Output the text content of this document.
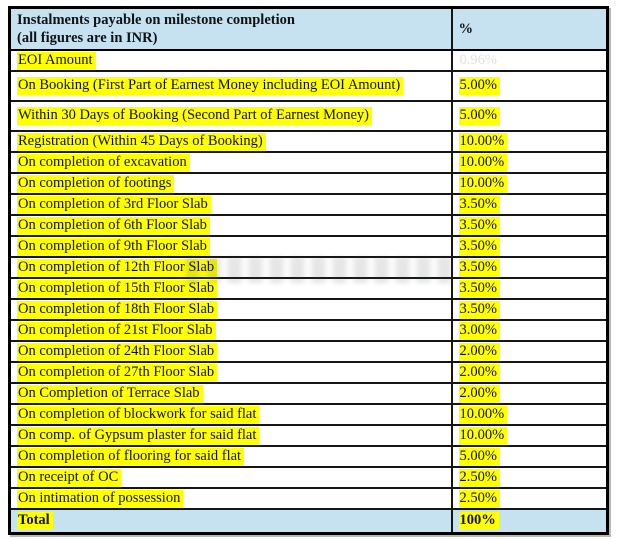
Instalments payable on milestone completion
(all figures are in INR)	%
EOI Amount	0.96%
On Booking (First Part of Earnest Money including EOI Amount)	5.00%
Within 30 Days of Booking (Second Part of Earnest Money)	5.00%
Registration (Within 45 Days of Booking)	10.00%
On completion of excavation	10.00%
On completion of footings	10.00%
On completion of 3rd Floor Slab	3.50%
On completion of 6th Floor Slab	3.50%
On completion of 9th Floor Slab	3.50%
On completion of 12th Floor Slab	3.50%
On completion of 15th Floor Slab	3.50%
On completion of 18th Floor Slab	3.50%
On completion of 21st Floor Slab	3.00%
On completion of 24th Floor Slab	2.00%
On completion of 27th Floor Slab	2.00%
On Completion of Terrace Slab	2.00%
On completion of blockwork for said flat	10.00%
On comp. of Gypsum plaster for said flat	10.00%
On completion of flooring for said flat	5.00%
On receipt of OC	2.50%
On intimation of possession	2.50%
Total	100%
